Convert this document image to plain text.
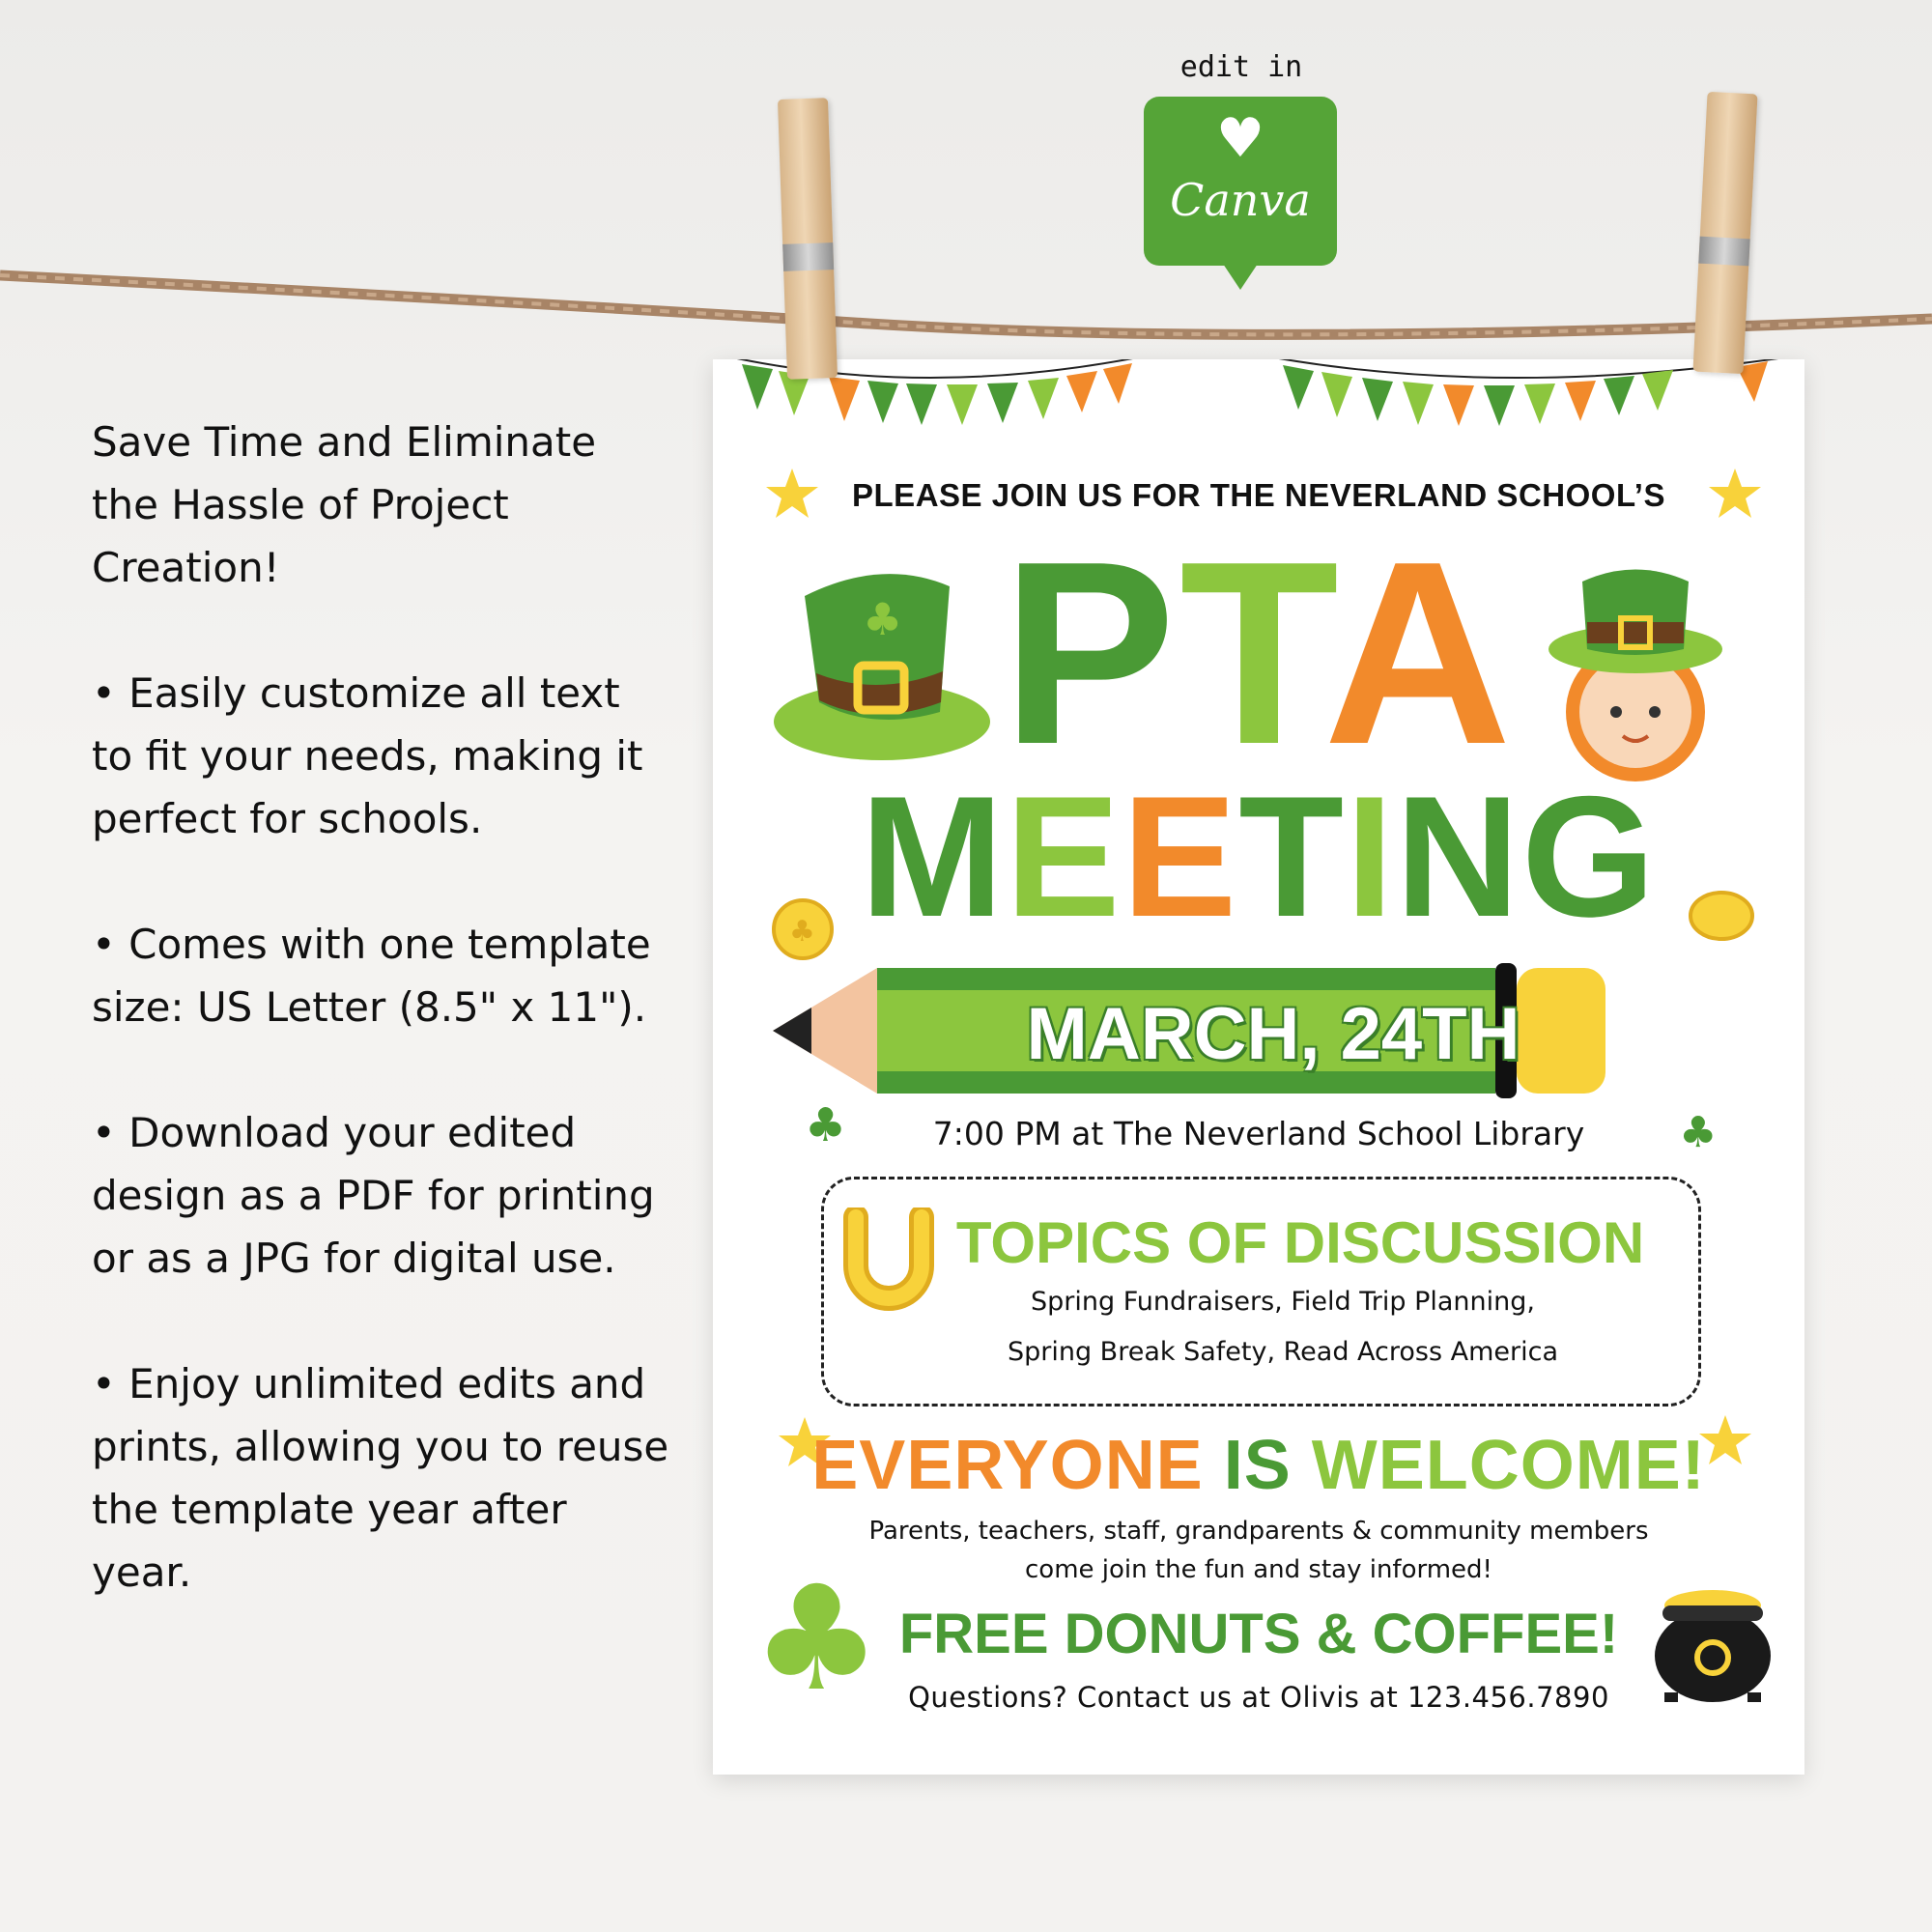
Save Time and Eliminate the Hassle of Project Creation!

• Easily customize all text to fit your needs, making it perfect for schools.

• Comes with one template size: US Letter (8.5" x 11").

• Download your edited design as a PDF for printing or as a JPG for digital use.

• Enjoy unlimited edits and prints, allowing you to reuse the template year after year.

edit in
♥
Canva
PLEASE JOIN US FOR THE NEVERLAND SCHOOL’S
♣ PTA
MEETING
♣
MARCH, 24TH
♣	♣
7:00 PM at The Neverland School Library
TOPICS OF DISCUSSION
Spring Fundraisers, Field Trip Planning,
Spring Break Safety, Read Across America
EVERYONE IS WELCOME!
Parents, teachers, staff, grandparents & community members
come join the fun and stay informed!
♣ FREE DONUTS & COFFEE!
Questions? Contact us at Olivis at 123.456.7890
